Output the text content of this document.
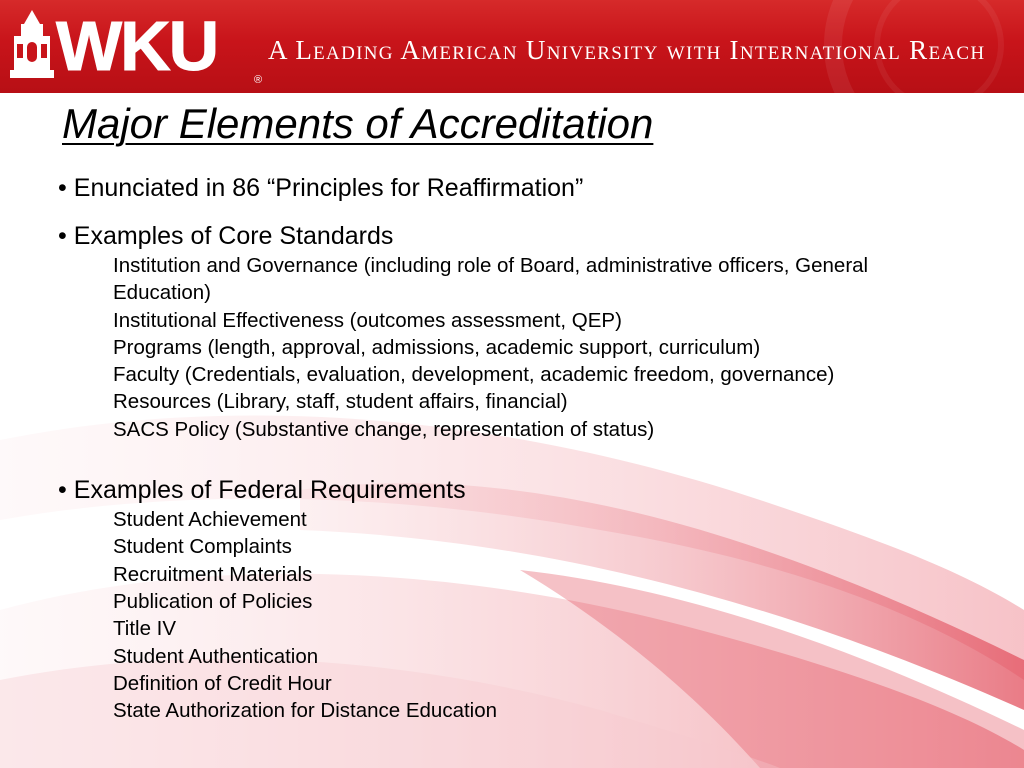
WKU	®
A Leading American University with International Reach
Major Elements of Accreditation
• Enunciated in 86 “Principles for Reaffirmation”
• Examples of Core Standards
Institution and Governance (including role of Board, administrative officers, General Education)
Institutional Effectiveness (outcomes assessment, QEP)
Programs (length, approval, admissions, academic support, curriculum)
Faculty (Credentials, evaluation, development, academic freedom, governance)
Resources (Library, staff, student affairs, financial)
SACS Policy (Substantive change, representation of status)
• Examples of Federal Requirements
Student Achievement
Student Complaints
Recruitment Materials
Publication of Policies
Title IV
Student Authentication
Definition of Credit Hour
State Authorization for Distance Education
